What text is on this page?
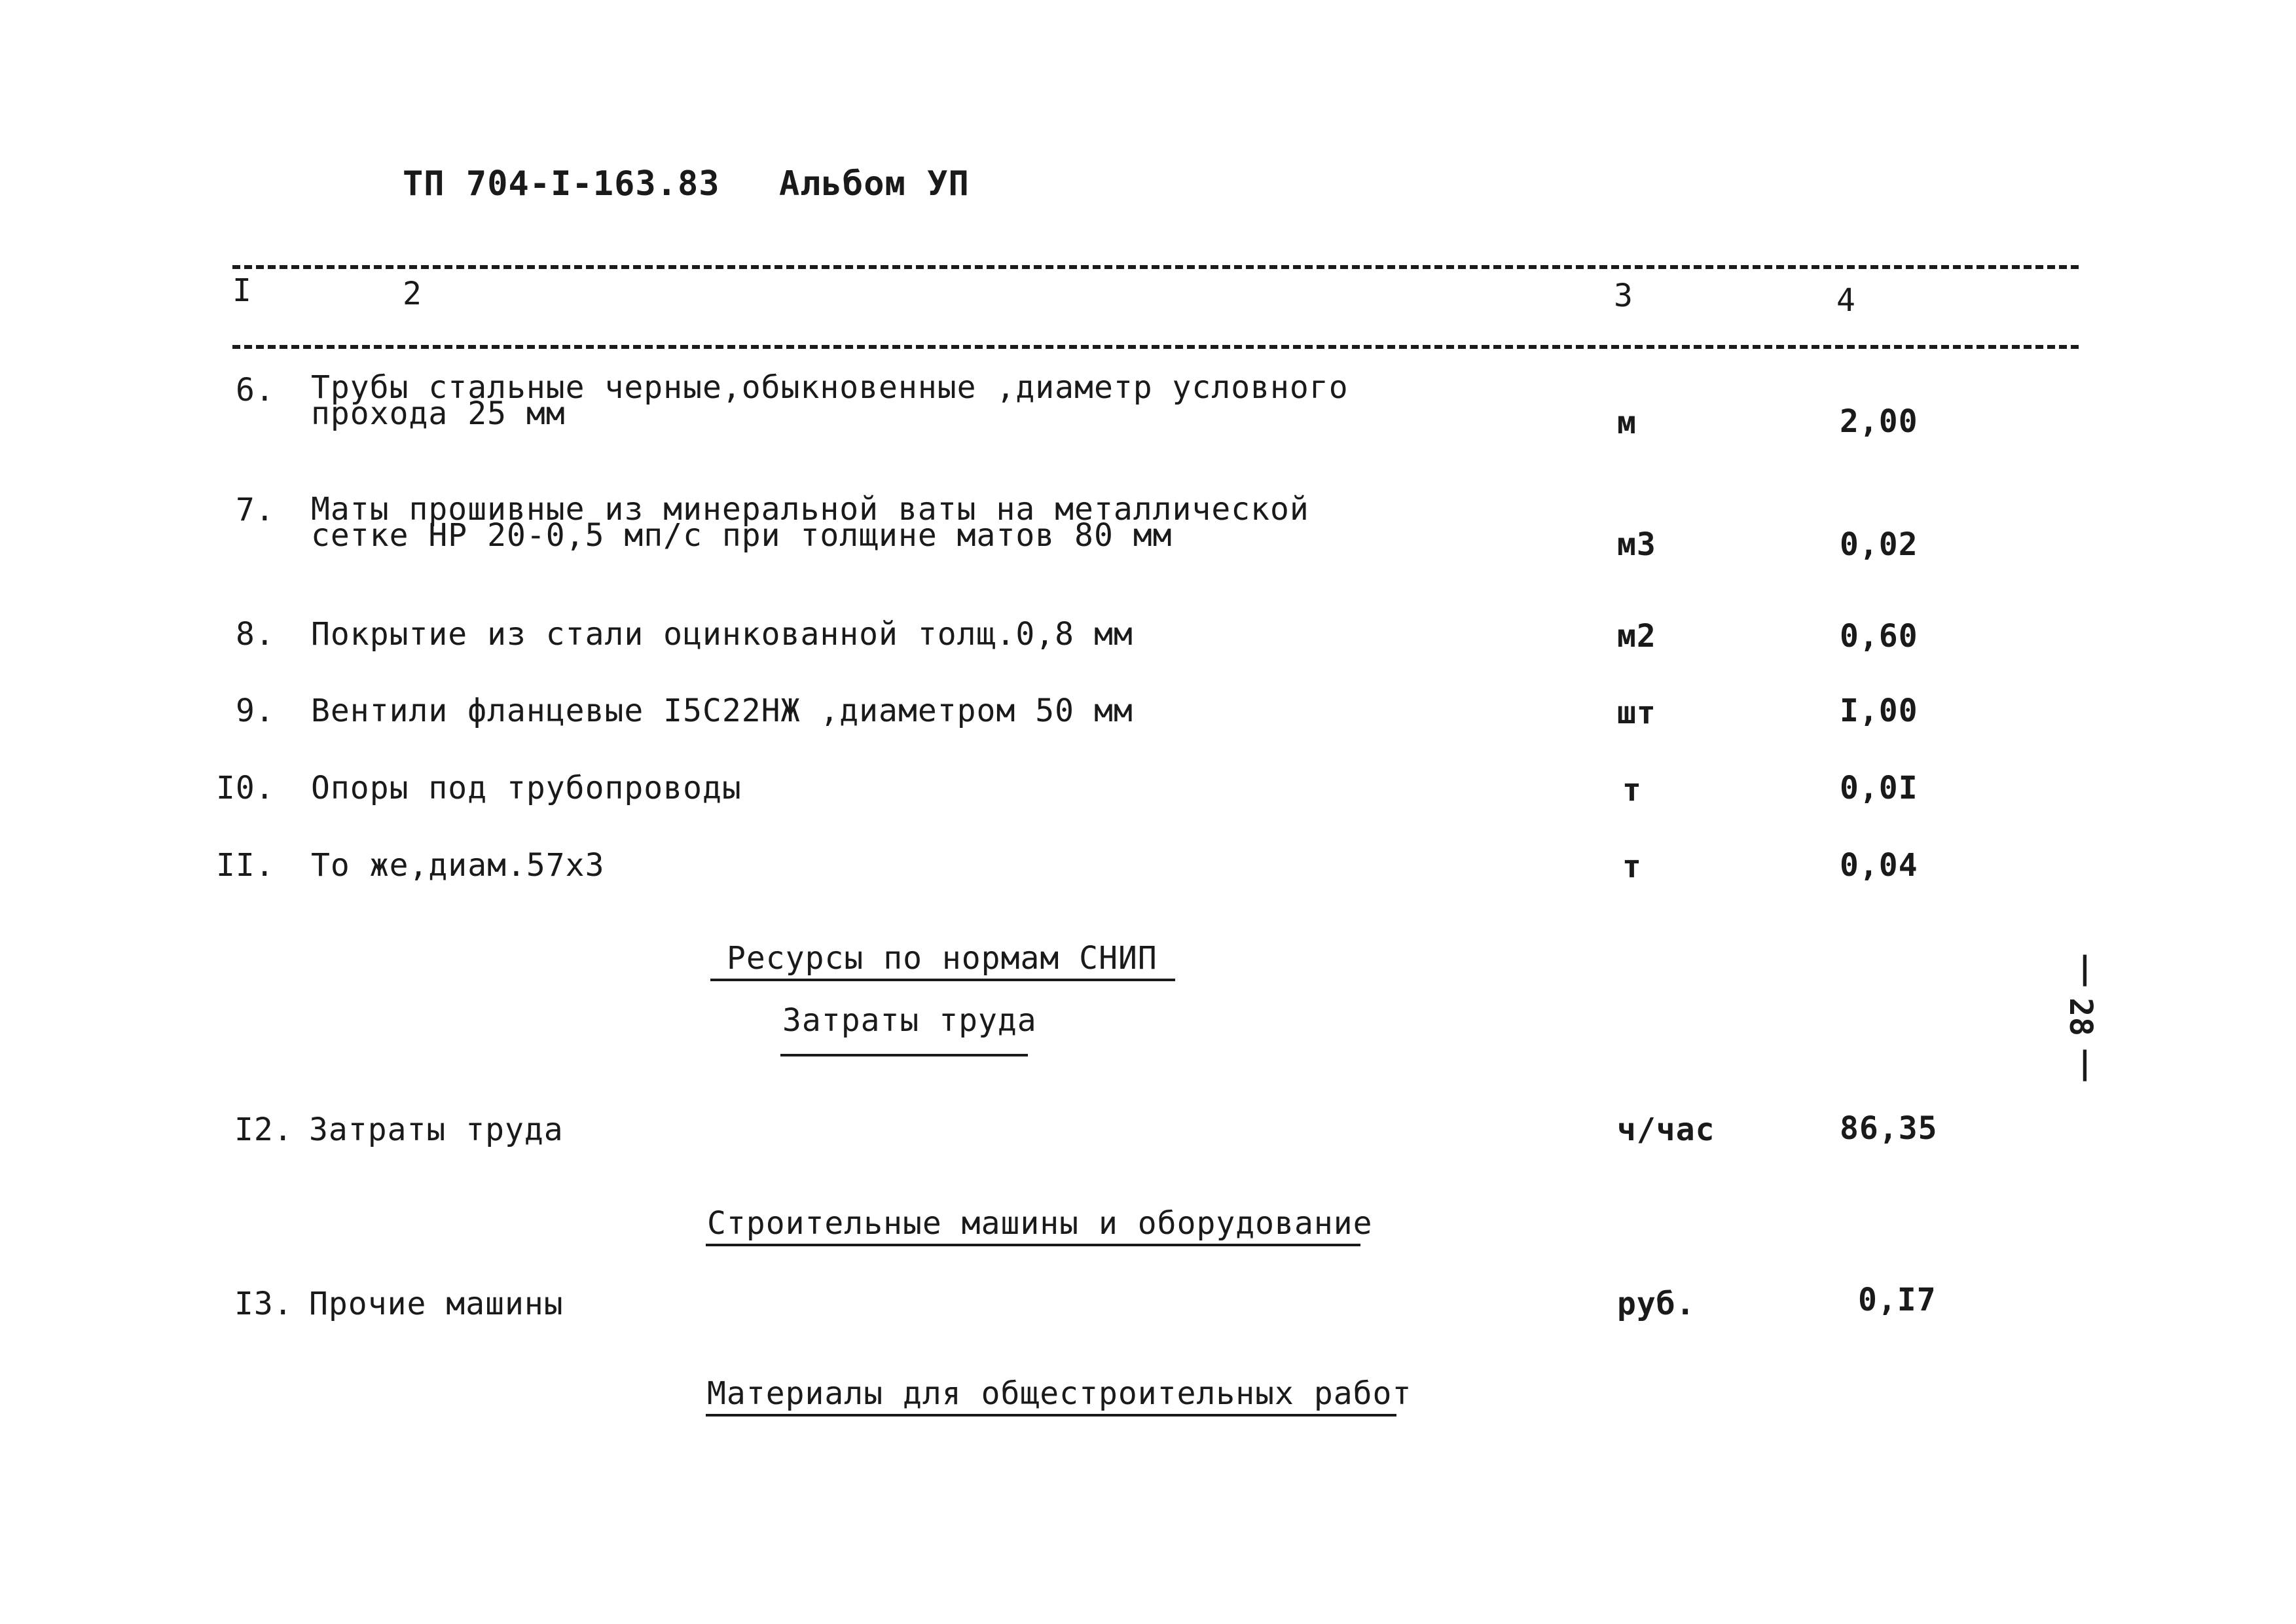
ТП 704-I-163.83 Альбом УП
I	2	3	4
6. Трубы стальные черные,обыкновенные ,диаметр условного
прохода 25 мм	м	2,00
7. Маты прошивные из минеральной ваты на металлической
сетке НР 20-0,5 мп/с при толщине матов 80 мм	м3	0,02
8. Покрытие из стали оцинкованной толщ.0,8 мм	м2	0,60
9. Вентили фланцевые I5С22НЖ ,диаметром 50 мм	шт	I,00
I0. Опоры под трубопроводы	т	0,0I
II. То же,диам.57х3	т	0,04
Ресурсы по нормам СНИП
Затраты труда
|
28
|
I2. Затраты труда	ч/час	86,35
Строительные машины и оборудование
I3. Прочие машины	руб.	0,I7
Материалы для общестроительных работ
